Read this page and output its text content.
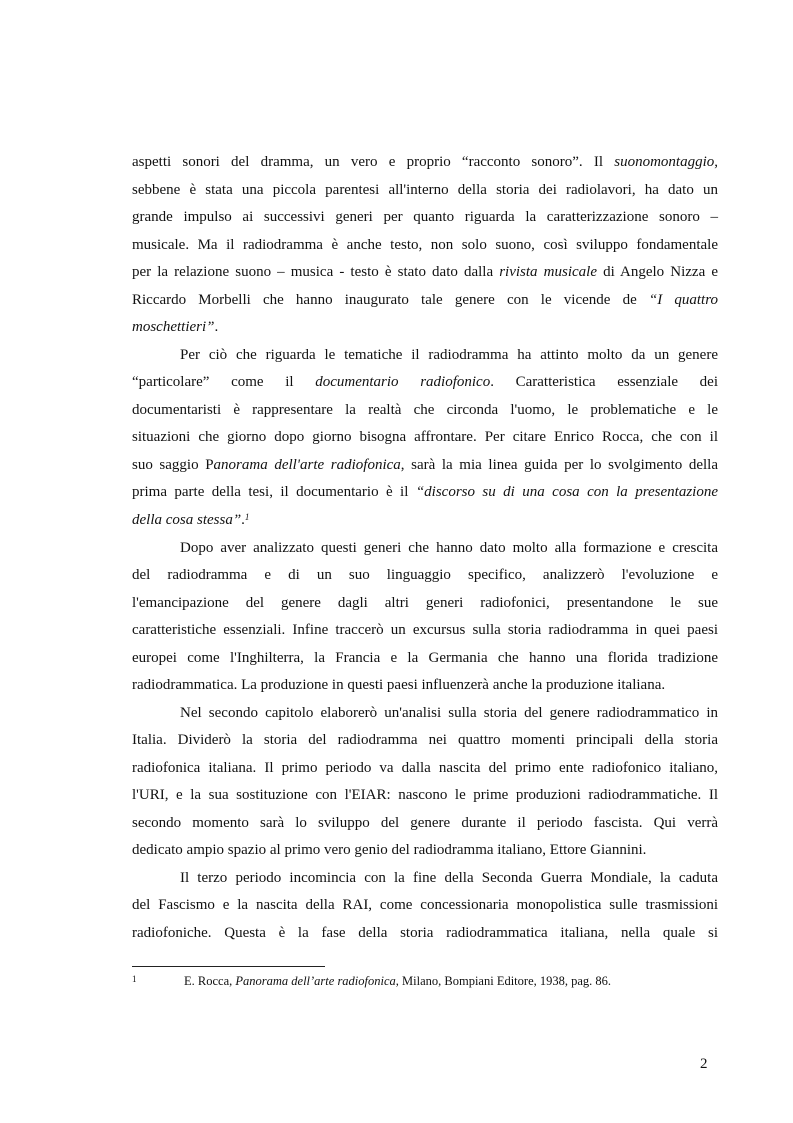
aspetti sonori del dramma, un vero e proprio “racconto sonoro”. Il suonomontaggio,
sebbene è stata una piccola parentesi all'interno della storia dei radiolavori, ha dato un
grande impulso ai successivi generi per quanto riguarda la caratterizzazione sonoro –
musicale. Ma il radiodramma è anche testo, non solo suono, così sviluppo fondamentale
per la relazione suono – musica - testo è stato dato dalla rivista musicale di Angelo Nizza e
Riccardo Morbelli che hanno inaugurato tale genere con le vicende de “I quattro
moschettieri”.
Per ciò che riguarda le tematiche il radiodramma ha attinto molto da un genere
“particolare” come il documentario radiofonico. Caratteristica essenziale dei
documentaristi è rappresentare la realtà che circonda l'uomo, le problematiche e le
situazioni che giorno dopo giorno bisogna affrontare. Per citare Enrico Rocca, che con il
suo saggio Panorama dell'arte radiofonica, sarà la mia linea guida per lo svolgimento della
prima parte della tesi, il documentario è il “discorso su di una cosa con la presentazione
della cosa stessa”.$^1$
Dopo aver analizzato questi generi che hanno dato molto alla formazione e crescita
del radiodramma e di un suo linguaggio specifico, analizzerò l'evoluzione e
l'emancipazione del genere dagli altri generi radiofonici, presentandone le sue
caratteristiche essenziali. Infine traccerò un excursus sulla storia radiodramma in quei paesi
europei come l'Inghilterra, la Francia e la Germania che hanno una florida tradizione
radiodrammatica. La produzione in questi paesi influenzerà anche la produzione italiana.
Nel secondo capitolo elaborerò un'analisi sulla storia del genere radiodrammatico in
Italia. Dividerò la storia del radiodramma nei quattro momenti principali della storia
radiofonica italiana. Il primo periodo va dalla nascita del primo ente radiofonico italiano,
l'URI, e la sua sostituzione con l'EIAR: nascono le prime produzioni radiodrammatiche. Il
secondo momento sarà lo sviluppo del genere durante il periodo fascista. Qui verrà
dedicato ampio spazio al primo vero genio del radiodramma italiano, Ettore Giannini.
Il terzo periodo incomincia con la fine della Seconda Guerra Mondiale, la caduta
del Fascismo e la nascita della RAI, come concessionaria monopolistica sulle trasmissioni
radiofoniche. Questa è la fase della storia radiodrammatica italiana, nella quale si
1	E. Rocca, Panorama dell’arte radiofonica, Milano, Bompiani Editore, 1938, pag. 86.
2
